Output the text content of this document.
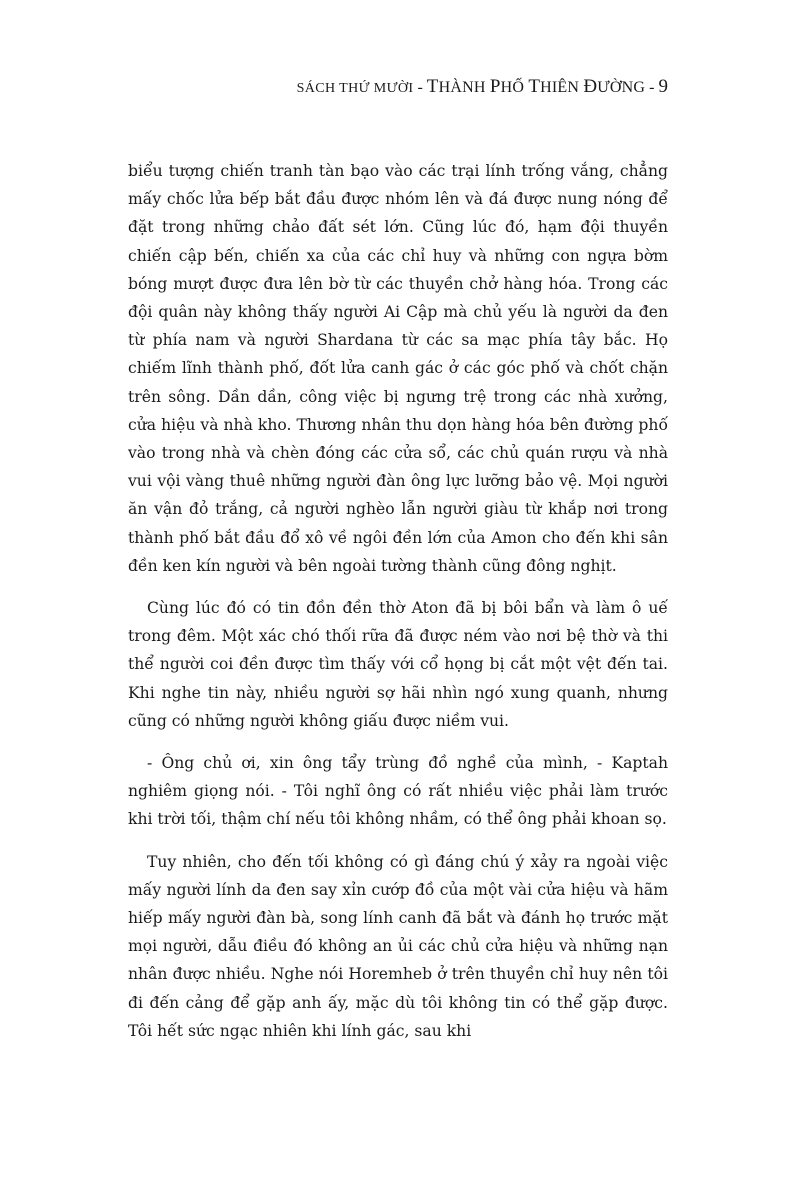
SÁCH THỨ MƯỜI - THÀNH PHỐ THIÊN ĐƯỜNG - 9

biểu tượng chiến tranh tàn bạo vào các trại lính trống vắng, chẳng mấy chốc lửa bếp bắt đầu được nhóm lên và đá được nung nóng để đặt trong những chảo đất sét lớn. Cũng lúc đó, hạm đội thuyền chiến cập bến, chiến xa của các chỉ huy và những con ngựa bờm bóng mượt được đưa lên bờ từ các thuyền chở hàng hóa. Trong các đội quân này không thấy người Ai Cập mà chủ yếu là người da đen từ phía nam và người Shardana từ các sa mạc phía tây bắc. Họ chiếm lĩnh thành phố, đốt lửa canh gác ở các góc phố và chốt chặn trên sông. Dần dần, công việc bị ngưng trệ trong các nhà xưởng, cửa hiệu và nhà kho. Thương nhân thu dọn hàng hóa bên đường phố vào trong nhà và chèn đóng các cửa sổ, các chủ quán rượu và nhà vui vội vàng thuê những người đàn ông lực lưỡng bảo vệ. Mọi người ăn vận đỏ trắng, cả người nghèo lẫn người giàu từ khắp nơi trong thành phố bắt đầu đổ xô về ngôi đền lớn của Amon cho đến khi sân đền ken kín người và bên ngoài tường thành cũng đông nghịt.

Cùng lúc đó có tin đồn đền thờ Aton đã bị bôi bẩn và làm ô uế trong đêm. Một xác chó thối rữa đã được ném vào nơi bệ thờ và thi thể người coi đền được tìm thấy với cổ họng bị cắt một vệt đến tai. Khi nghe tin này, nhiều người sợ hãi nhìn ngó xung quanh, nhưng cũng có những người không giấu được niềm vui.

- Ông chủ ơi, xin ông tẩy trùng đồ nghề của mình, - Kaptah nghiêm giọng nói. - Tôi nghĩ ông có rất nhiều việc phải làm trước khi trời tối, thậm chí nếu tôi không nhầm, có thể ông phải khoan sọ.

Tuy nhiên, cho đến tối không có gì đáng chú ý xảy ra ngoài việc mấy người lính da đen say xỉn cướp đồ của một vài cửa hiệu và hãm hiếp mấy người đàn bà, song lính canh đã bắt và đánh họ trước mặt mọi người, dẫu điều đó không an ủi các chủ cửa hiệu và những nạn nhân được nhiều. Nghe nói Horemheb ở trên thuyền chỉ huy nên tôi đi đến cảng để gặp anh ấy, mặc dù tôi không tin có thể gặp được. Tôi hết sức ngạc nhiên khi lính gác, sau khi
